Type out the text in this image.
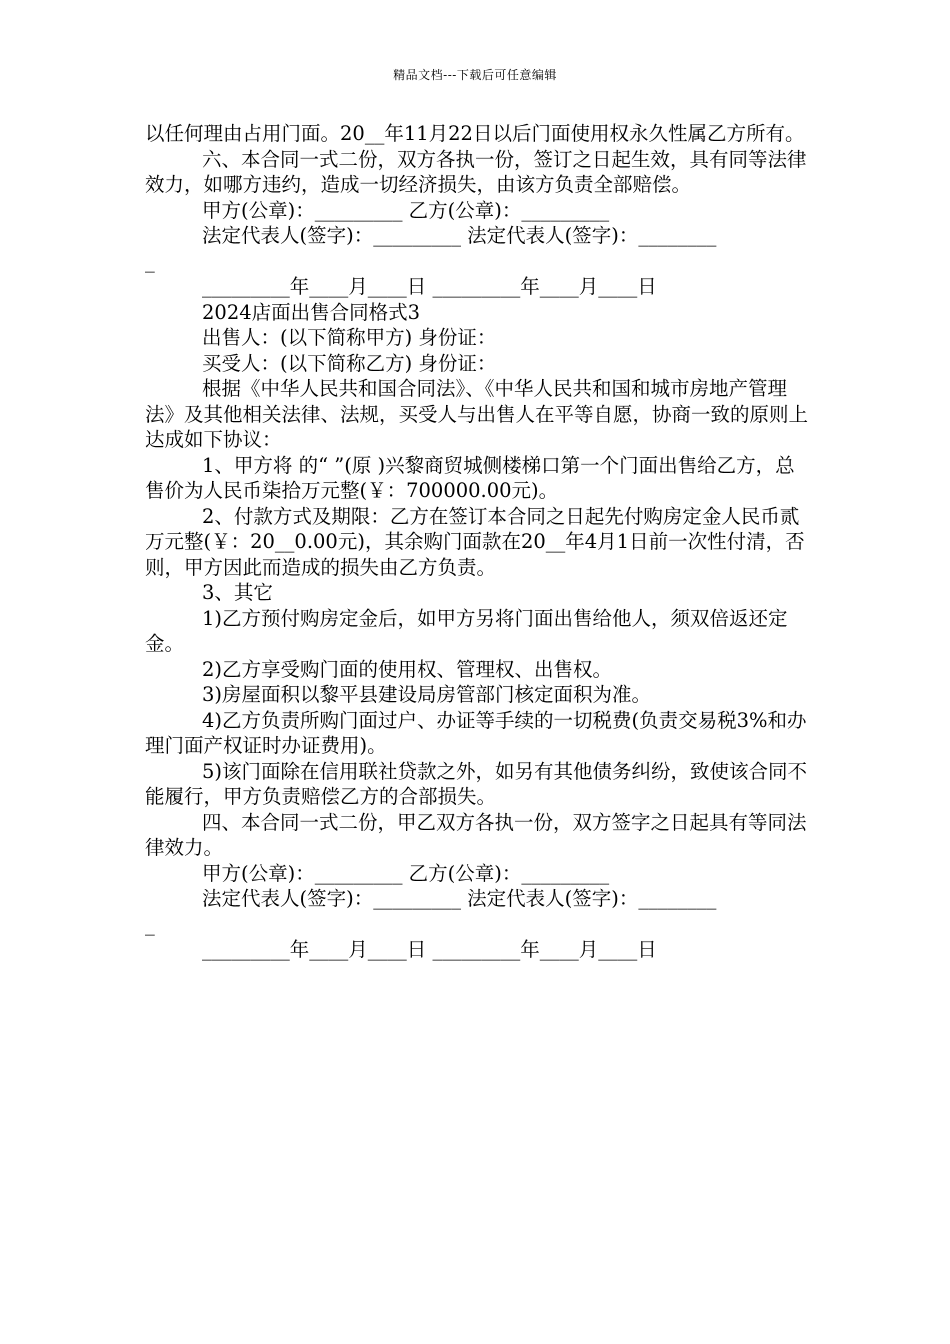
精品文档---下载后可任意编辑

以任何理由占用门面。20__年11月22日以后门面使用权永久性属乙方所有。

六、本合同一式二份，双方各执一份，签订之日起生效，具有同等法律效力，如哪方违约，造成一切经济损失，由该方负责全部赔偿。

甲方(公章)：_________ 乙方(公章)：_________

法定代表人(签字)：_________ 法定代表人(签字)：________

_

_________年____月____日 _________年____月____日

2024店面出售合同格式3

出售人：(以下简称甲方) 身份证：

买受人：(以下简称乙方) 身份证：

根据《中华人民共和国合同法》、《中华人民共和国和城市房地产管理法》及其他相关法律、法规，买受人与出售人在平等自愿，协商一致的原则上达成如下协议：

1、甲方将 的“ ”(原 )兴黎商贸城侧楼梯口第一个门面出售给乙方，总售价为人民币柒拾万元整(￥：700000.00元)。

2、付款方式及期限：乙方在签订本合同之日起先付购房定金人民币贰万元整(￥：20__0.00元)，其余购门面款在20__年4月1日前一次性付清，否则，甲方因此而造成的损失由乙方负责。

3、其它

1)乙方预付购房定金后，如甲方另将门面出售给他人，须双倍返还定金。

2)乙方享受购门面的使用权、管理权、出售权。

3)房屋面积以黎平县建设局房管部门核定面积为准。

4)乙方负责所购门面过户、办证等手续的一切税费(负责交易税3%和办理门面产权证时办证费用)。

5)该门面除在信用联社贷款之外，如另有其他债务纠纷，致使该合同不能履行，甲方负责赔偿乙方的合部损失。

四、本合同一式二份，甲乙双方各执一份，双方签字之日起具有等同法律效力。

甲方(公章)：_________ 乙方(公章)：_________

法定代表人(签字)：_________ 法定代表人(签字)：________

_

_________年____月____日 _________年____月____日
